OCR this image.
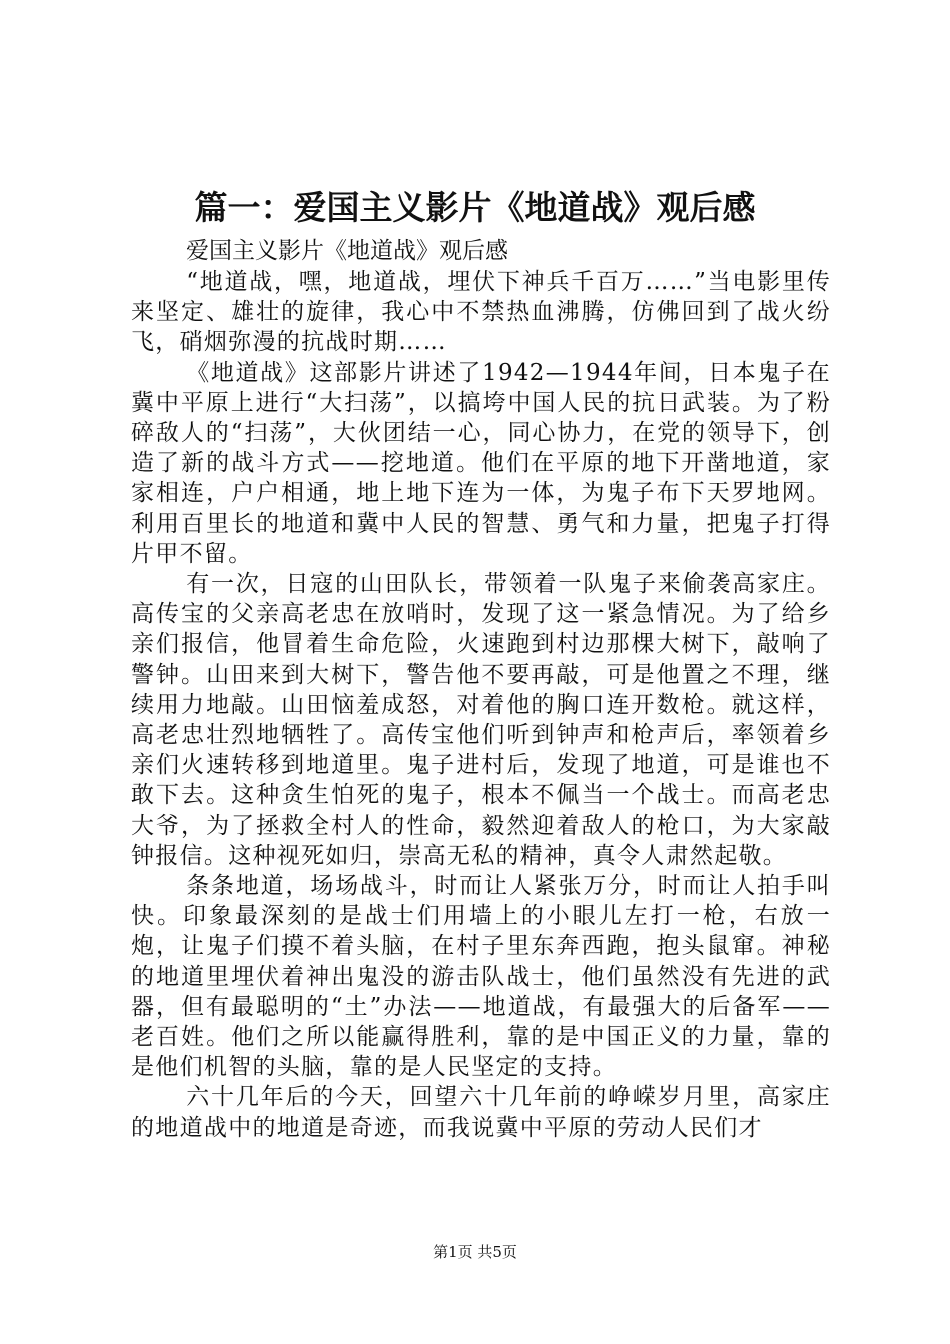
篇一：爱国主义影片《地道战》观后感
爱国主义影片《地道战》观后感

“地道战，嘿，地道战，埋伏下神兵千百万……”当电影里传来坚定、雄壮的旋律，我心中不禁热血沸腾，仿佛回到了战火纷飞，硝烟弥漫的抗战时期……

《地道战》这部影片讲述了1942—1944年间，日本鬼子在冀中平原上进行“大扫荡”，以搞垮中国人民的抗日武装。为了粉碎敌人的“扫荡”，大伙团结一心，同心协力，在党的领导下，创造了新的战斗方式——挖地道。他们在平原的地下开凿地道，家家相连，户户相通，地上地下连为一体，为鬼子布下天罗地网。利用百里长的地道和冀中人民的智慧、勇气和力量，把鬼子打得片甲不留。

有一次，日寇的山田队长，带领着一队鬼子来偷袭高家庄。高传宝的父亲高老忠在放哨时，发现了这一紧急情况。为了给乡亲们报信，他冒着生命危险，火速跑到村边那棵大树下，敲响了警钟。山田来到大树下，警告他不要再敲，可是他置之不理，继续用力地敲。山田恼羞成怒，对着他的胸口连开数枪。就这样，高老忠壮烈地牺牲了。高传宝他们听到钟声和枪声后，率领着乡亲们火速转移到地道里。鬼子进村后，发现了地道，可是谁也不敢下去。这种贪生怕死的鬼子，根本不佩当一个战士。而高老忠大爷，为了拯救全村人的性命，毅然迎着敌人的枪口，为大家敲钟报信。这种视死如归，崇高无私的精神，真令人肃然起敬。

条条地道，场场战斗，时而让人紧张万分，时而让人拍手叫快。印象最深刻的是战士们用墙上的小眼儿左打一枪，右放一炮，让鬼子们摸不着头脑，在村子里东奔西跑，抱头鼠窜。神秘的地道里埋伏着神出鬼没的游击队战士，他们虽然没有先进的武器，但有最聪明的“土”办法——地道战，有最强大的后备军——老百姓。他们之所以能赢得胜利，靠的是中国正义的力量，靠的是他们机智的头脑，靠的是人民坚定的支持。

六十几年后的今天，回望六十几年前的峥嵘岁月里，高家庄的地道战中的地道是奇迹，而我说冀中平原的劳动人民们才

第1页 共5页
